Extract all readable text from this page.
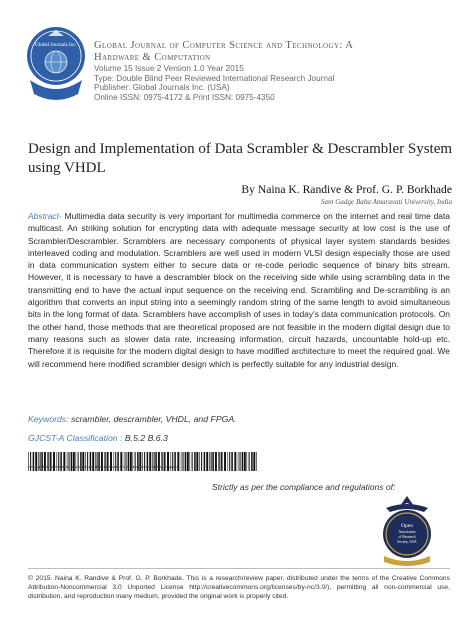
Global Journals Inc. Global Journal of Computer Science and Technology: A
Hardware & Computation
Volume 15 Issue 2 Version 1.0 Year 2015
Type: Double Blind Peer Reviewed International Research Journal
Publisher: Global Journals Inc. (USA)
Online ISSN: 0975-4172 & Print ISSN: 0975-4350
Design and Implementation of Data Scrambler & Descrambler System using VHDL
By Naina K. Randive & Prof. G. P. Borkhade
Sant Gadge Baba Amaravati University, India
Abstract- Multimedia data security is very important for multimedia commerce on the internet and real time data multicast. An striking solution for encrypting data with adequate message security at low cost is the use of Scrambler/Descrambler. Scramblers are necessary components of physical layer system standards besides interleaved coding and modulation. Scramblers are well used in modern VLSI design especially those are used in data communication system either to secure data or re-code periodic sequence of binary bits stream. However, it is necessary to have a descrambler block on the receiving side while using scrambling data in the transmitting end to have the actual input sequence on the receiving end. Scrambling and De-scrambling is an algorithm that converts an input string into a seemingly random string of the same length to avoid simultaneous bits in the long format of data. Scramblers have accomplish of uses in today's data communication protocols. On the other hand, those methods that are theoretical proposed are not feasible in the modern digital design due to many reasons such as slower data rate, increasing information, circuit hazards, uncountable hold-up etc. Therefore it is requisite for the modern digital design to have modified architecture to meet the required goal. We will recommend here modified scrambler design which is perfectly suitable for any industrial design.
Keywords: scrambler, descrambler, VHDL, and FPGA.
GJCST-A Classification : B.5.2 B.6.3
DesignandImplementationofDataScramblerDescramblerSystemusingVHDL
Strictly as per the compliance and regulations of:
Open
Association
of Research
Society, USA
© 2015. Naina K. Randive & Prof. G. P. Borkhade. This is a research/review paper, distributed under the terms of the Creative Commons Attribution-Noncommercial 3.0 Unported License http://creativecommons.org/licenses/by-nc/3.0/), permitting all non-commercial use, distribution, and reproduction inany medium, provided the original work is properly cited.
